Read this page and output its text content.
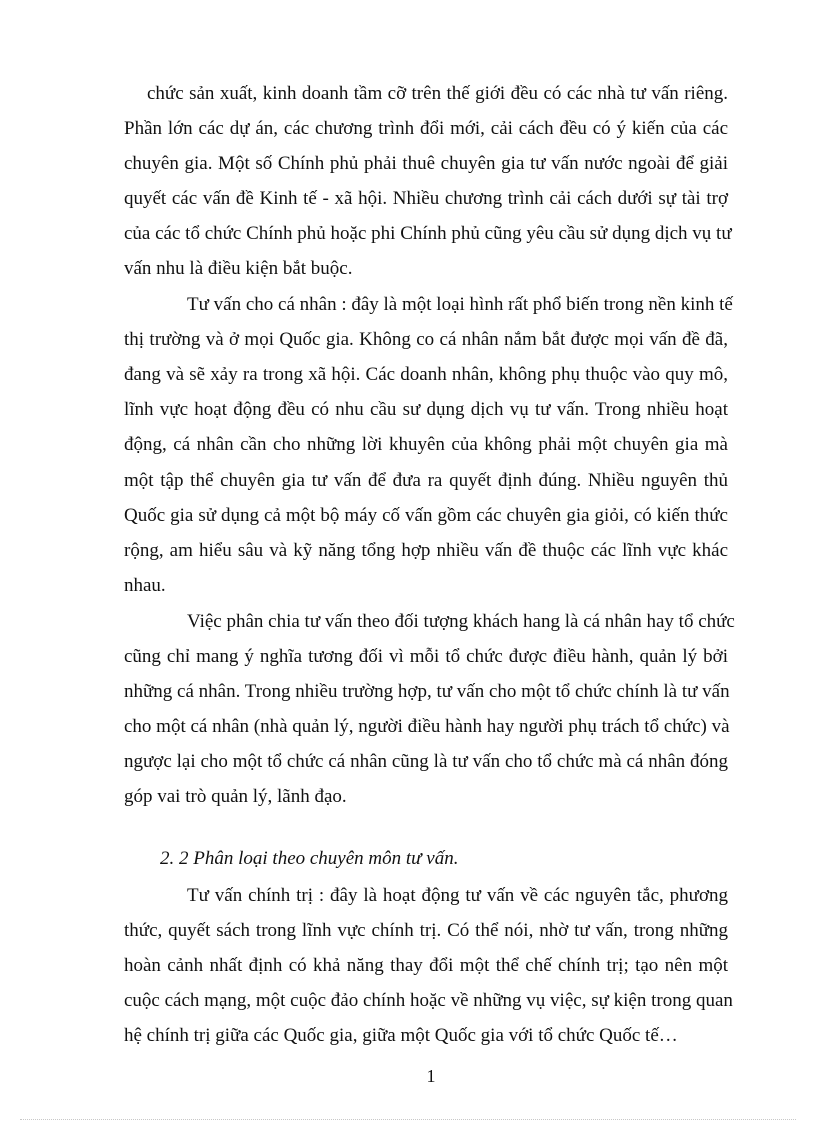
chức sản xuất, kinh doanh tầm cỡ trên thế giới đều có các nhà tư vấn riêng.
Phần lớn các dự án, các chương trình đổi mới, cải cách đều có ý kiến của các
chuyên gia. Một số Chính phủ phải thuê chuyên gia tư vấn nước ngoài để giải
quyết các vấn đề Kinh tế - xã hội. Nhiều chương trình cải cách dưới sự tài trợ
của các tổ chức Chính phủ hoặc phi Chính phủ cũng yêu cầu sử dụng dịch vụ tư
vấn nhu là điều kiện bắt buộc.
Tư vấn cho cá nhân : đây là một loại hình rất phổ biến trong nền kinh tế
thị trường và ở mọi Quốc gia. Không co cá nhân nắm bắt được mọi vấn đề đã,
đang và sẽ xảy ra trong xã hội. Các doanh nhân, không phụ thuộc vào quy mô,
lĩnh vực hoạt động đều có nhu cầu sư dụng dịch vụ tư vấn. Trong nhiều hoạt
động, cá nhân cần cho những lời khuyên của không phải một chuyên gia mà
một tập thể chuyên gia tư vấn để đưa ra quyết định đúng. Nhiều nguyên thủ
Quốc gia sử dụng cả một bộ máy cố vấn gồm các chuyên gia giỏi, có kiến thức
rộng, am hiểu sâu và kỹ năng tổng hợp nhiều vấn đề thuộc các lĩnh vực khác
nhau.
Việc phân chia tư vấn theo đối tượng khách hang là cá nhân hay tổ chức
cũng chỉ mang ý nghĩa tương đối vì mỗi tổ chức được điều hành, quản lý bởi
những cá nhân. Trong nhiều trường hợp, tư vấn cho một tổ chức chính là tư vấn
cho một cá nhân (nhà quản lý, người điều hành hay người phụ trách tổ chức) và
ngược lại cho một tổ chức cá nhân cũng là tư vấn cho tổ chức mà cá nhân đóng
góp vai trò quản lý, lãnh đạo.
2. 2 Phân loại theo chuyên môn tư vấn.
Tư vấn chính trị : đây là hoạt động tư vấn về các nguyên tắc, phương
thức, quyết sách trong lĩnh vực chính trị. Có thể nói, nhờ tư vấn, trong những
hoàn cảnh nhất định có khả năng thay đổi một thể chế chính trị; tạo nên một
cuộc cách mạng, một cuộc đảo chính hoặc về những vụ việc, sự kiện trong quan
hệ chính trị giữa các Quốc gia, giữa một Quốc gia với tổ chức Quốc tế…
1
